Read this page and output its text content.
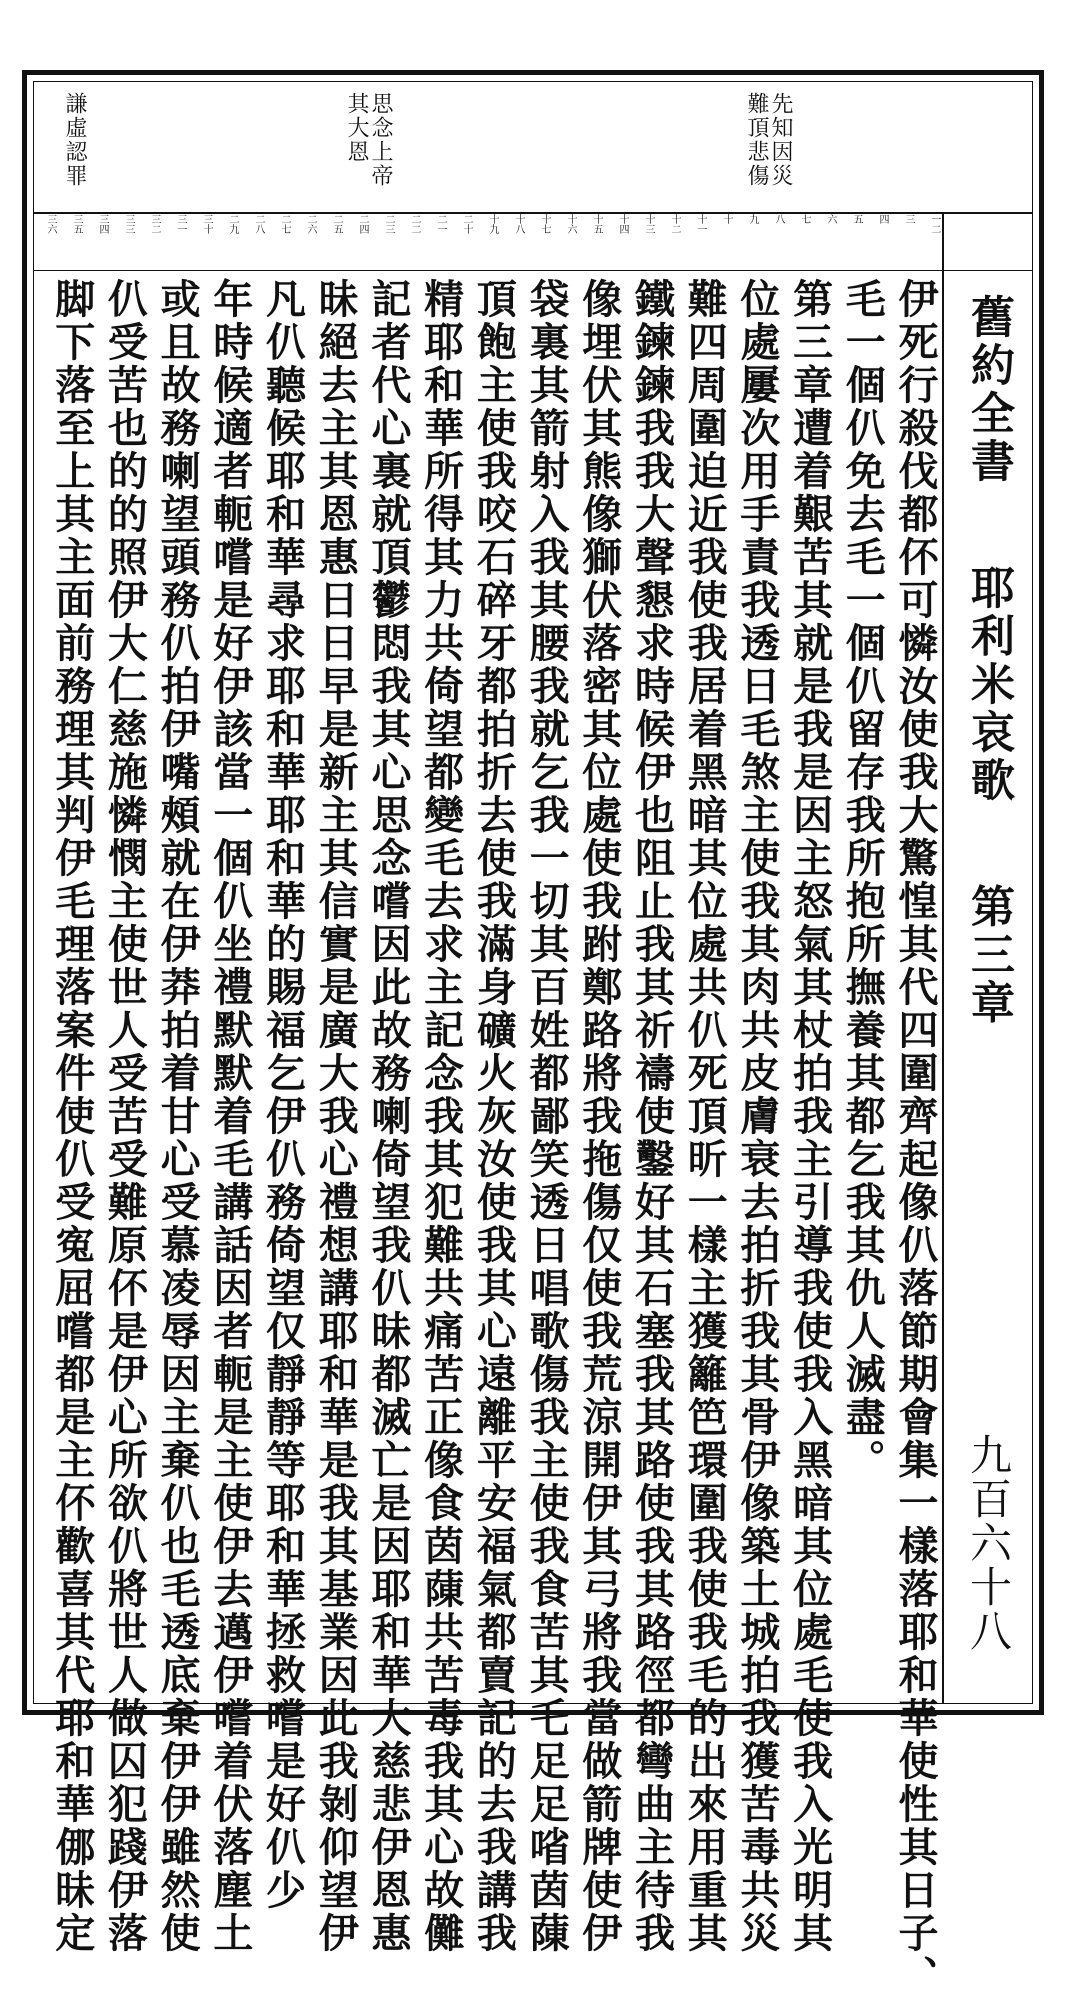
先知因災
難頂悲傷
思念上帝
其大恩
謙虛認罪
一二
三
四
五
六
七
八
九
十
十一
十二
十三
十四
十五
十六
十七
十八
十九
二十
二一
二二
二三
二四
二五
二六
二七
二八
二九
三十
三一
三二
三三
三四
三五
三六
舊約全書  耶利米哀歌  第三章
九百六十八
伊死行殺伐都伓可憐汝使我大驚惶其代四圍齊起像仈落節期會集一樣落耶和華使性其日子、
毛一個仈免去毛一個仈留存我所抱所撫養其都乞我其仇人滅盡。
第三章遭着艱苦其就是我是因主怒氣其杖拍我主引導我使我入黑暗其位處毛使我入光明其
位處屢次用手責我透日毛煞主使我其肉共皮膚衰去拍折我其骨伊像築土城拍我獲苦毒共災
難四周圍迫近我使我居着黑暗其位處共仈死頂昕一樣主獲籬笆環圍我使我毛的出來用重其
鐵鍊鍊我我大聲懇求時候伊也阻止我其祈禱使鑿好其石塞我其路使我其路徑都彎曲主待我
像埋伏其熊像獅伏落密其位處使我跗鄭路將我拖傷仅使我荒涼開伊其弓將我當做箭牌使伊
袋裏其箭射入我其腰我就乞我一切其百姓都鄙笑透日唱歌傷我主使我食苦其乇足足㗂茵蔯
頂飽主使我咬石碎牙都拍折去使我滿身礦火灰汝使我其心遠離平安福氣都賣記的去我講我
精耶和華所得其力共倚望都變毛去求主記念我其犯難共痛苦正像食茵蔯共苦毒我其心故儺
記者代心裏就頂鬱悶我其心思念嚐因此故務喇倚望我仈昧都滅亡是因耶和華大慈悲伊恩惠
昧絕去主其恩惠日日早是新主其信實是廣大我心禮想講耶和華是我其基業因此我剝仰望伊
凡仈聽候耶和華尋求耶和華耶和華的賜福乞伊仈務倚望仅靜靜等耶和華拯救嚐是好仈少
年時候適者軛嚐是好伊該當一個仈坐禮默默着毛講話因者軛是主使伊去邁伊嚐着伏落塵土
或且故務喇望頭務仈拍伊嘴頰就在伊莽拍着甘心受慕凌辱因主棄仈也毛透底棄伊伊雖然使
仈受苦也的的照伊大仁慈施憐憫主使世人受苦受難原伓是伊心所欲仈將世人做囚犯踐伊落
脚下落至上其主面前務理其判伊毛理落案件使仈受寃屈嚐都是主伓歡喜其代耶和華㑚昧定
